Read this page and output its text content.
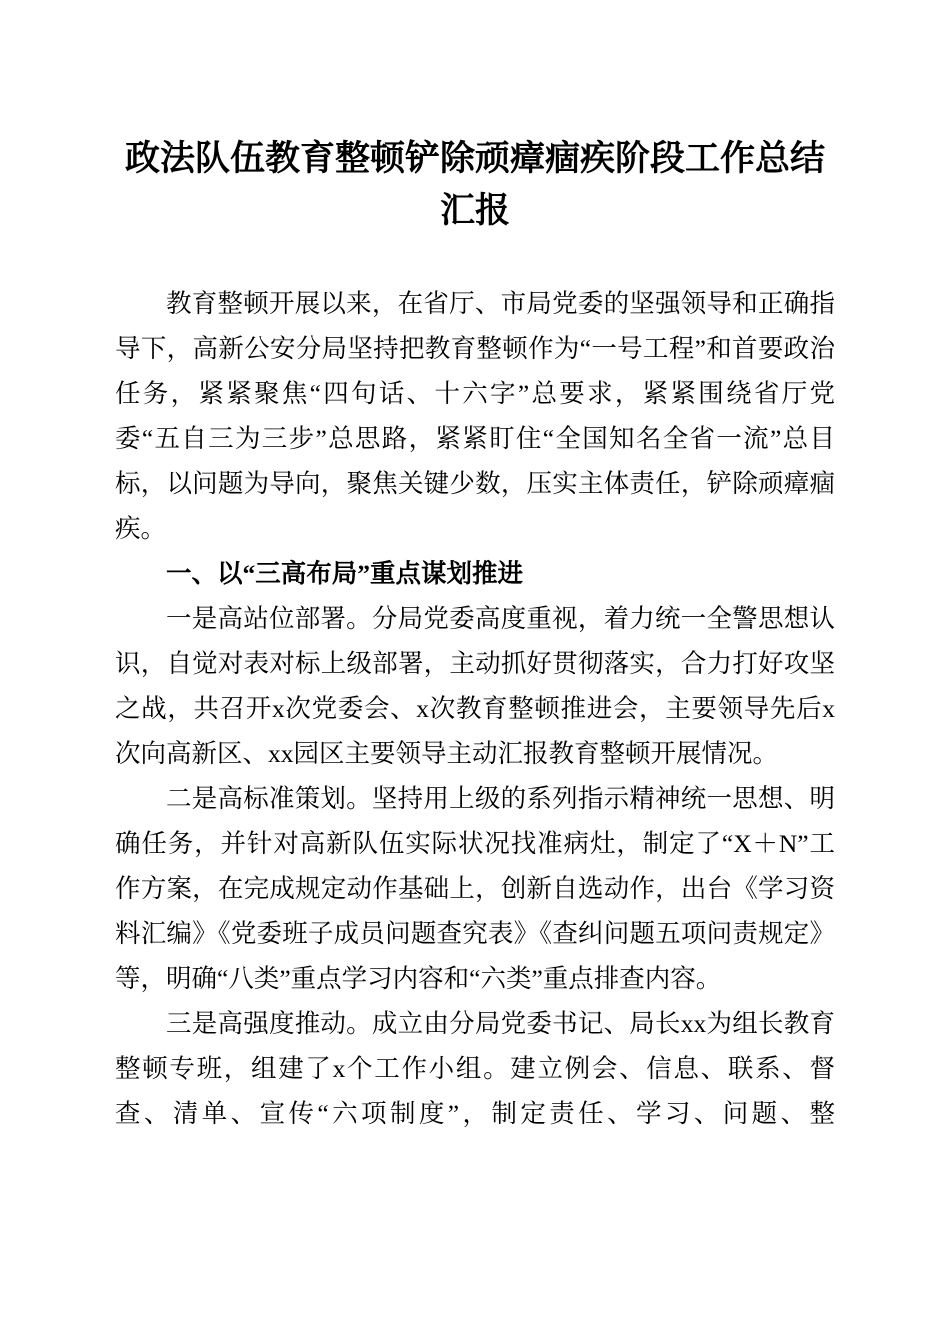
政法队伍教育整顿铲除顽瘴痼疾阶段工作总结汇报

教育整顿开展以来，在省厅、市局党委的坚强领导和正确指导下，高新公安分局坚持把教育整顿作为“一号工程”和首要政治任务，紧紧聚焦“四句话、十六字”总要求，紧紧围绕省厅党委“五自三为三步”总思路，紧紧盯住“全国知名全省一流”总目标，以问题为导向，聚焦关键少数，压实主体责任，铲除顽瘴痼疾。

一、以“三高布局”重点谋划推进

一是高站位部署。分局党委高度重视，着力统一全警思想认识，自觉对表对标上级部署，主动抓好贯彻落实，合力打好攻坚之战，共召开x次党委会、x次教育整顿推进会，主要领导先后x次向高新区、xx园区主要领导主动汇报教育整顿开展情况。

二是高标准策划。坚持用上级的系列指示精神统一思想、明确任务，并针对高新队伍实际状况找准病灶，制定了“X＋N”工作方案，在完成规定动作基础上，创新自选动作，出台《学习资料汇编》《党委班子成员问题查究表》《查纠问题五项问责规定》等，明确“八类”重点学习内容和“六类”重点排查内容。

三是高强度推动。成立由分局党委书记、局长xx为组长教育整顿专班，组建了x个工作小组。建立例会、信息、联系、督查、清单、宣传“六项制度”，制定责任、学习、问题、整
